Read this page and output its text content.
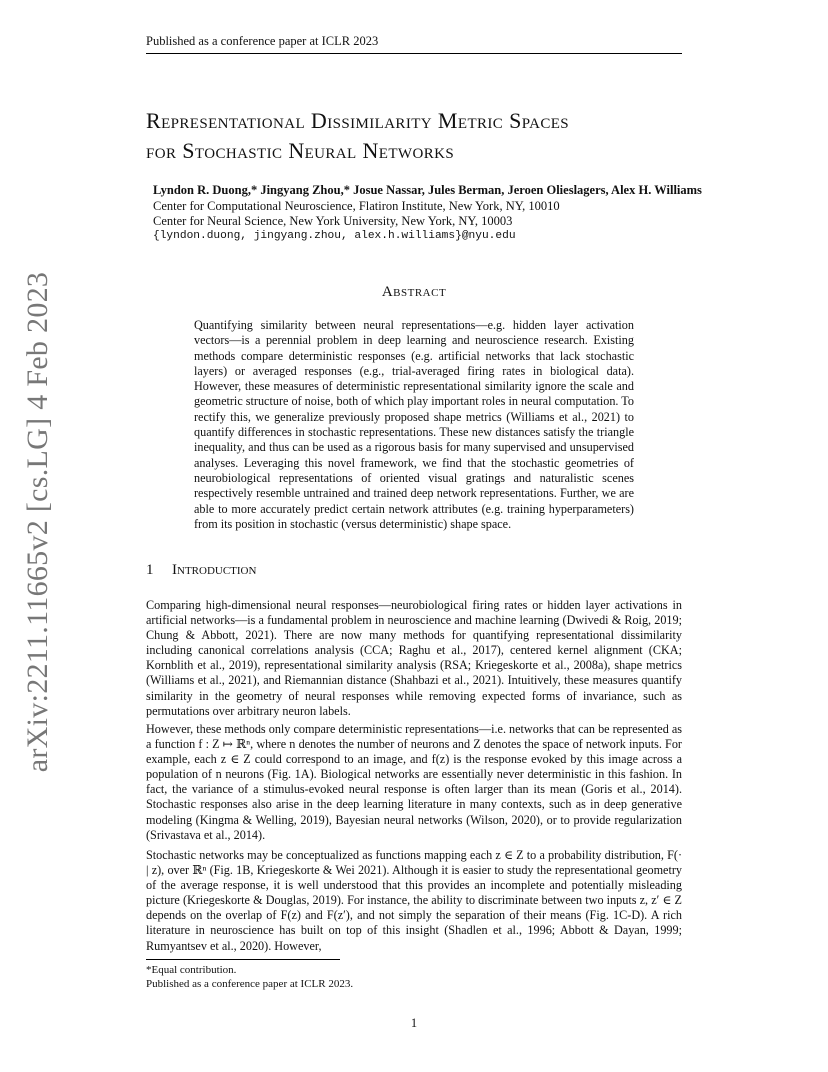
Published as a conference paper at ICLR 2023
arXiv:2211.11665v2 [cs.LG] 4 Feb 2023
Representational Dissimilarity Metric Spaces
for Stochastic Neural Networks
Lyndon R. Duong,* Jingyang Zhou,* Josue Nassar, Jules Berman, Jeroen Olieslagers, Alex H. Williams
Center for Computational Neuroscience, Flatiron Institute, New York, NY, 10010
Center for Neural Science, New York University, New York, NY, 10003
{lyndon.duong, jingyang.zhou, alex.h.williams}@nyu.edu
Abstract
Quantifying similarity between neural representations—e.g. hidden layer activation vectors—is a perennial problem in deep learning and neuroscience research. Existing methods compare deterministic responses (e.g. artificial networks that lack stochastic layers) or averaged responses (e.g., trial-averaged firing rates in biological data). However, these measures of deterministic representational similarity ignore the scale and geometric structure of noise, both of which play important roles in neural computation. To rectify this, we generalize previously proposed shape metrics (Williams et al., 2021) to quantify differences in stochastic representations. These new distances satisfy the triangle inequality, and thus can be used as a rigorous basis for many supervised and unsupervised analyses. Leveraging this novel framework, we find that the stochastic geometries of neurobiological representations of oriented visual gratings and naturalistic scenes respectively resemble untrained and trained deep network representations. Further, we are able to more accurately predict certain network attributes (e.g. training hyperparameters) from its position in stochastic (versus deterministic) shape space.
1 Introduction
Comparing high-dimensional neural responses—neurobiological firing rates or hidden layer activations in artificial networks—is a fundamental problem in neuroscience and machine learning (Dwivedi & Roig, 2019; Chung & Abbott, 2021). There are now many methods for quantifying representational dissimilarity including canonical correlations analysis (CCA; Raghu et al., 2017), centered kernel alignment (CKA; Kornblith et al., 2019), representational similarity analysis (RSA; Kriegeskorte et al., 2008a), shape metrics (Williams et al., 2021), and Riemannian distance (Shahbazi et al., 2021). Intuitively, these measures quantify similarity in the geometry of neural responses while removing expected forms of invariance, such as permutations over arbitrary neuron labels.
However, these methods only compare deterministic representations—i.e. networks that can be represented as a function f : Z ↦ ℝⁿ, where n denotes the number of neurons and Z denotes the space of network inputs. For example, each z ∈ Z could correspond to an image, and f(z) is the response evoked by this image across a population of n neurons (Fig. 1A). Biological networks are essentially never deterministic in this fashion. In fact, the variance of a stimulus-evoked neural response is often larger than its mean (Goris et al., 2014). Stochastic responses also arise in the deep learning literature in many contexts, such as in deep generative modeling (Kingma & Welling, 2019), Bayesian neural networks (Wilson, 2020), or to provide regularization (Srivastava et al., 2014).
Stochastic networks may be conceptualized as functions mapping each z ∈ Z to a probability distribution, F(· | z), over ℝⁿ (Fig. 1B, Kriegeskorte & Wei 2021). Although it is easier to study the representational geometry of the average response, it is well understood that this provides an incomplete and potentially misleading picture (Kriegeskorte & Douglas, 2019). For instance, the ability to discriminate between two inputs z, z′ ∈ Z depends on the overlap of F(z) and F(z′), and not simply the separation of their means (Fig. 1C-D). A rich literature in neuroscience has built on top of this insight (Shadlen et al., 1996; Abbott & Dayan, 1999; Rumyantsev et al., 2020). However,
*Equal contribution.
Published as a conference paper at ICLR 2023.
1
